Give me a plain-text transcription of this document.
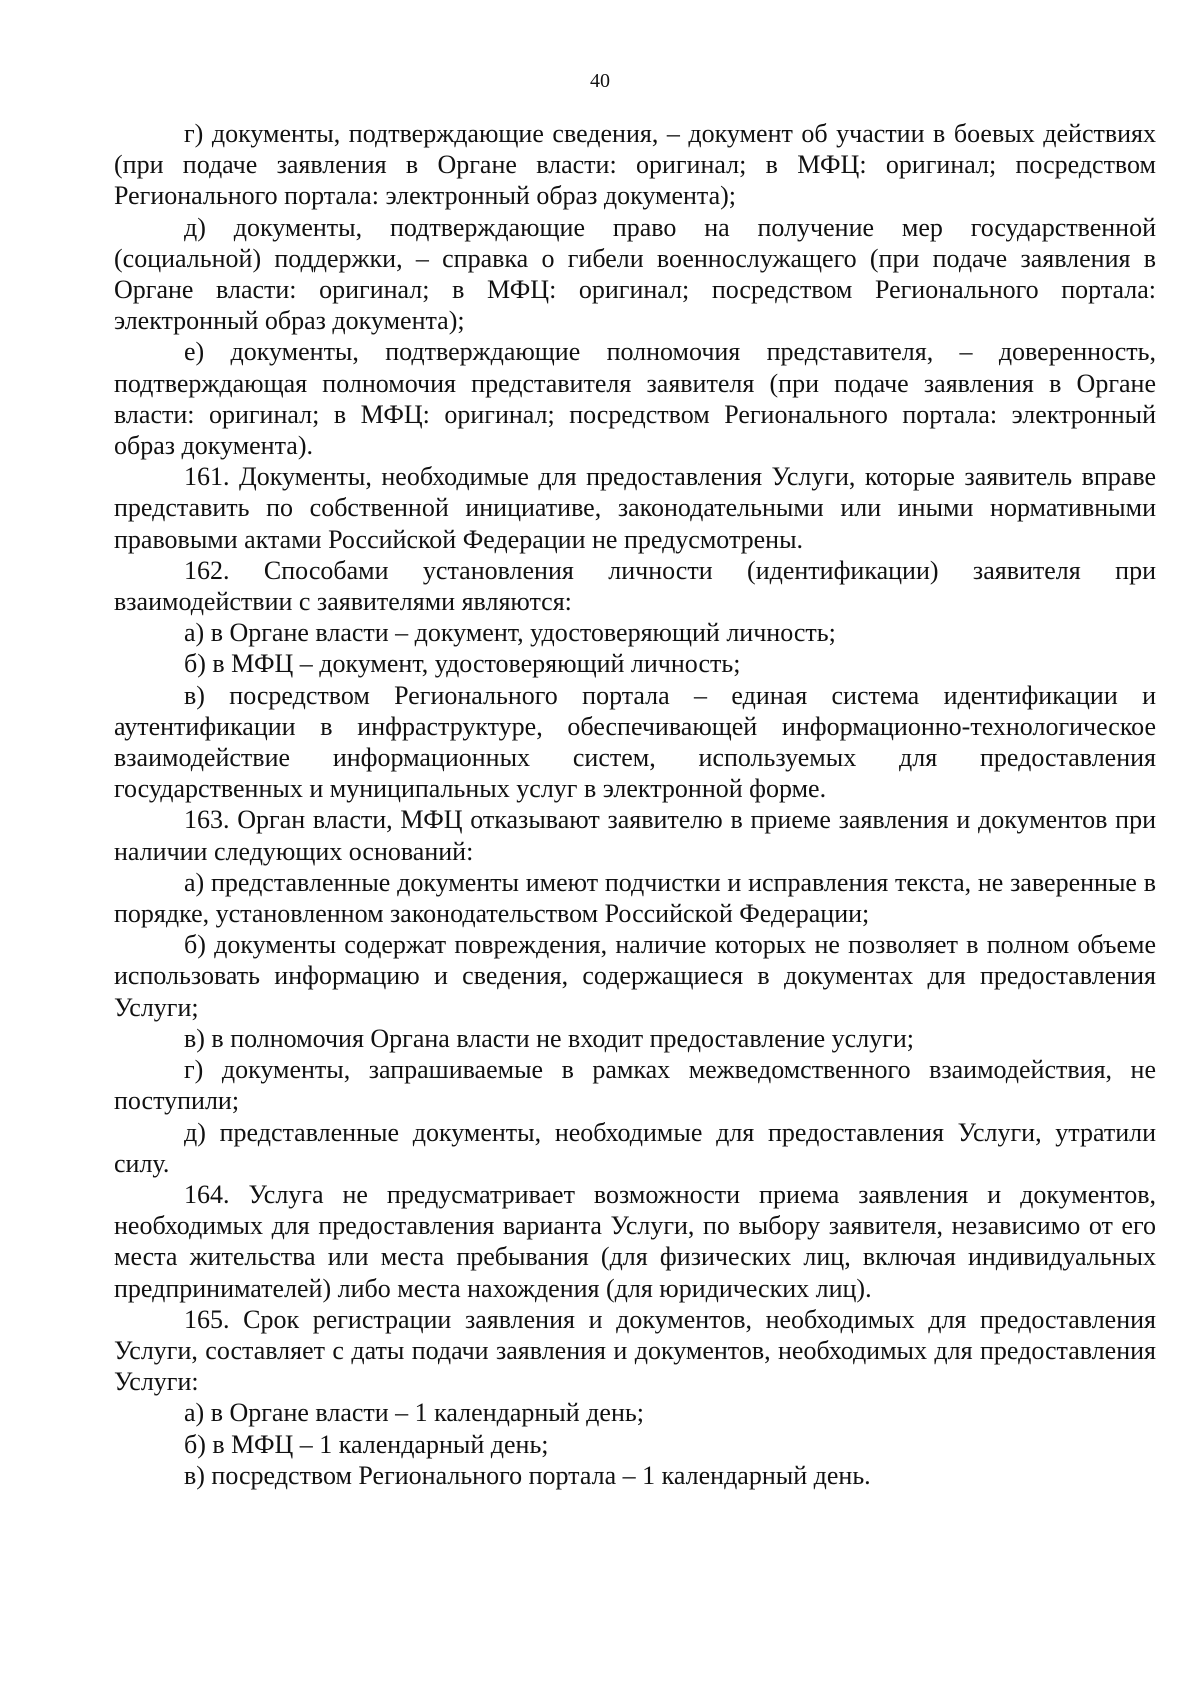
40

г) документы, подтверждающие сведения, – документ об участии в боевых действиях (при подаче заявления в Органе власти: оригинал; в МФЦ: оригинал; посредством Регионального портала: электронный образ документа);

д) документы, подтверждающие право на получение мер государственной (социальной) поддержки, – справка о гибели военнослужащего (при подаче заявления в Органе власти: оригинал; в МФЦ: оригинал; посредством Регионального портала: электронный образ документа);

е) документы, подтверждающие полномочия представителя, – доверенность, подтверждающая полномочия представителя заявителя (при подаче заявления в Органе власти: оригинал; в МФЦ: оригинал; посредством Регионального портала: электронный образ документа).

161. Документы, необходимые для предоставления Услуги, которые заявитель вправе представить по собственной инициативе, законодательными или иными нормативными правовыми актами Российской Федерации не предусмотрены.

162. Способами установления личности (идентификации) заявителя при взаимодействии с заявителями являются:

а) в Органе власти – документ, удостоверяющий личность;

б) в МФЦ – документ, удостоверяющий личность;

в) посредством Регионального портала – единая система идентификации и аутентификации в инфраструктуре, обеспечивающей информационно-технологическое взаимодействие информационных систем, используемых для предоставления государственных и муниципальных услуг в электронной форме.

163. Орган власти, МФЦ отказывают заявителю в приеме заявления и документов при наличии следующих оснований:

а) представленные документы имеют подчистки и исправления текста, не заверенные в порядке, установленном законодательством Российской Федерации;

б) документы содержат повреждения, наличие которых не позволяет в полном объеме использовать информацию и сведения, содержащиеся в документах для предоставления Услуги;

в) в полномочия Органа власти не входит предоставление услуги;

г) документы, запрашиваемые в рамках межведомственного взаимодействия, не поступили;

д) представленные документы, необходимые для предоставления Услуги, утратили силу.

164. Услуга не предусматривает возможности приема заявления и документов, необходимых для предоставления варианта Услуги, по выбору заявителя, независимо от его места жительства или места пребывания (для физических лиц, включая индивидуальных предпринимателей) либо места нахождения (для юридических лиц).

165. Срок регистрации заявления и документов, необходимых для предоставления Услуги, составляет с даты подачи заявления и документов, необходимых для предоставления Услуги:

а) в Органе власти – 1 календарный день;

б) в МФЦ – 1 календарный день;

в) посредством Регионального портала – 1 календарный день.
